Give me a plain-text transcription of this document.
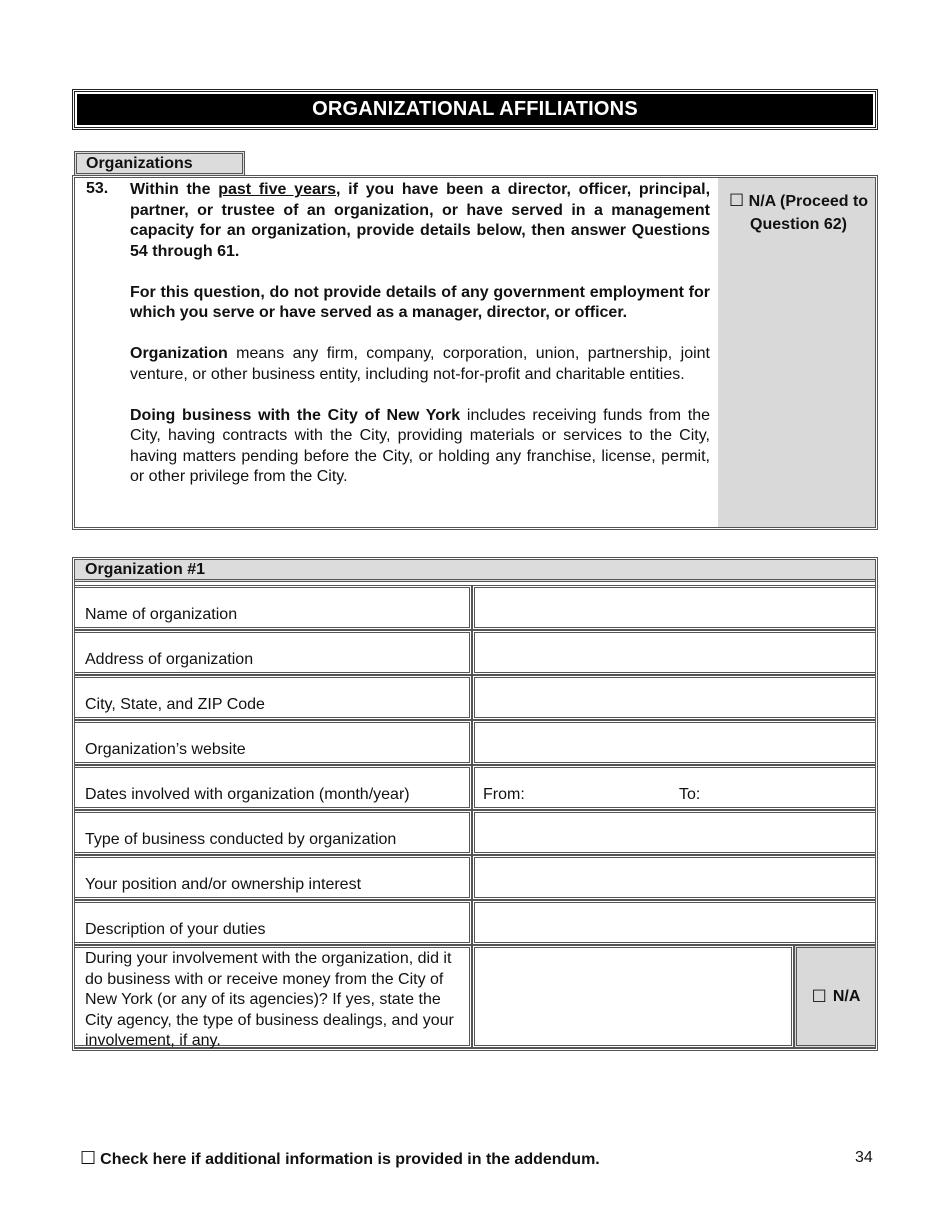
ORGANIZATIONAL AFFILIATIONS
Organizations
53. Within the past five years, if you have been a director, officer, principal, partner, or trustee of an organization, or have served in a management capacity for an organization, provide details below, then answer Questions 54 through 61.

For this question, do not provide details of any government employment for which you serve or have served as a manager, director, or officer.

Organization means any firm, company, corporation, union, partnership, joint venture, or other business entity, including not-for-profit and charitable entities.

Doing business with the City of New York includes receiving funds from the City, having contracts with the City, providing materials or services to the City, having matters pending before the City, or holding any franchise, license, permit, or other privilege from the City.

☐ N/A (Proceed to Question 62)
Organization #1
Name of organization
Address of organization
City, State, and ZIP Code
Organization’s website
Dates involved with organization (month/year)	From:	To:
Type of business conducted by organization
Your position and/or ownership interest
Description of your duties
During your involvement with the organization, did it do business with or receive money from the City of New York (or any of its agencies)? If yes, state the City agency, the type of business dealings, and your involvement, if any.
☐ N/A
☐ Check here if additional information is provided in the addendum.	34
